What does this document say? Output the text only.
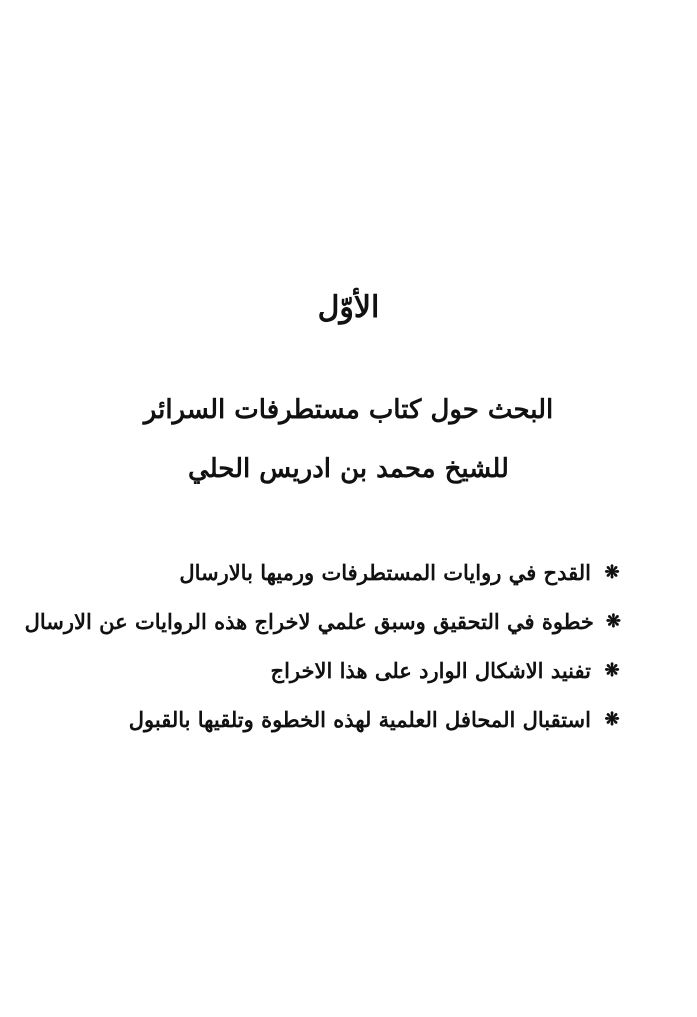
الأوّل
البحث حول كتاب مستطرفات السرائر
للشيخ محمد بن ادريس الحلي
❋
القدح في روايات المستطرفات ورميها بالارسال
❋
خطوة في التحقيق وسبق علمي لاخراج هذه الروايات عن الارسال
❋
تفنيد الاشكال الوارد على هذا الاخراج
❋
استقبال المحافل العلمية لهذه الخطوة وتلقيها بالقبول
